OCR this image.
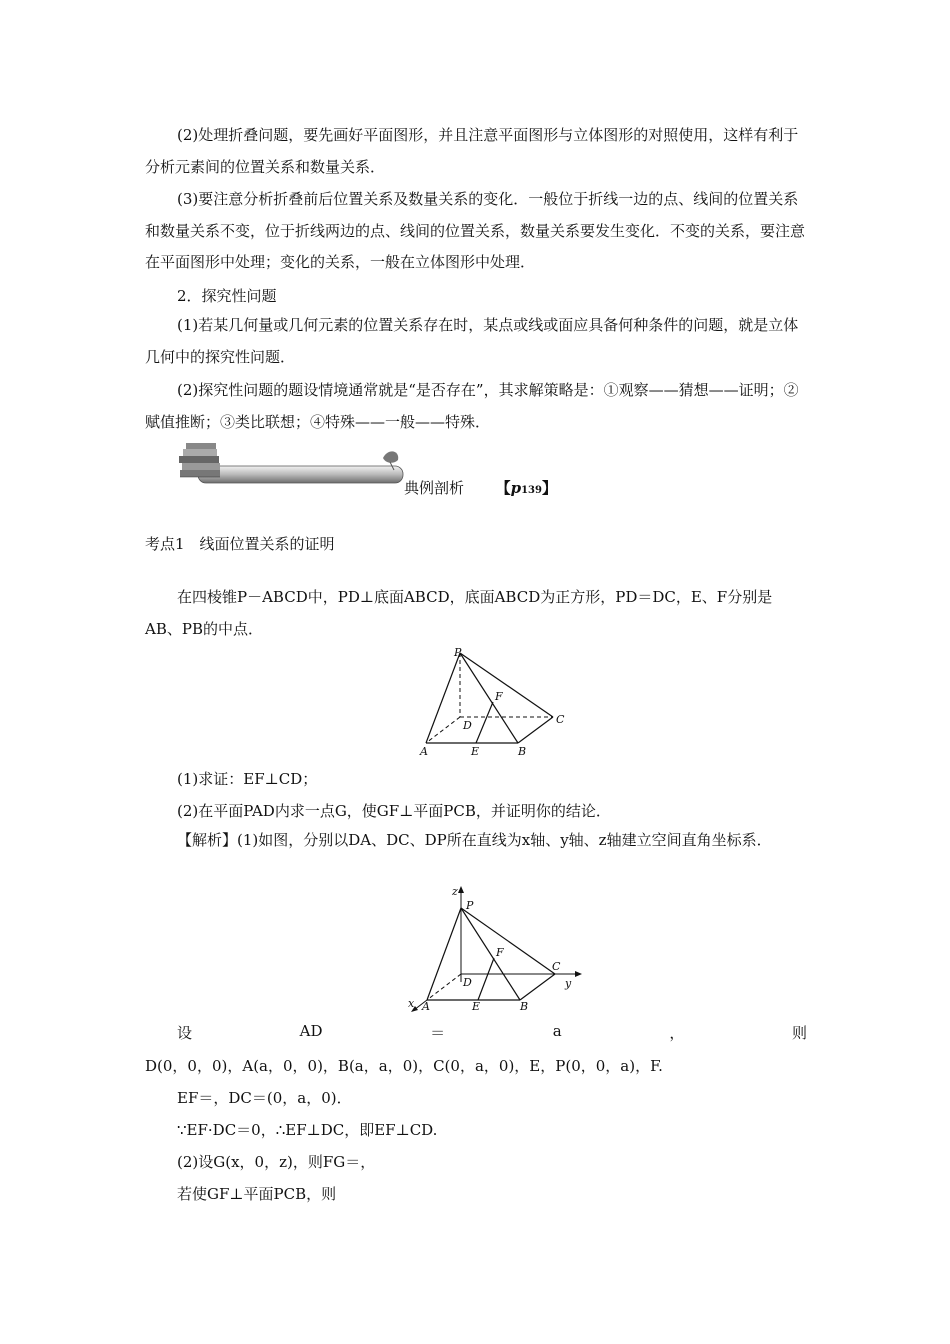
(2)处理折叠问题，要先画好平面图形，并且注意平面图形与立体图形的对照使用，这样有利于分析元素间的位置关系和数量关系．
(3)要注意分析折叠前后位置关系及数量关系的变化．一般位于折线一边的点、线间的位置关系和数量关系不变，位于折线两边的点、线间的位置关系，数量关系要发生变化．不变的关系，要注意在平面图形中处理；变化的关系，一般在立体图形中处理．
2．探究性问题
(1)若某几何量或几何元素的位置关系存在时，某点或线或面应具备何种条件的问题，就是立体几何中的探究性问题．
(2)探究性问题的题设情境通常就是“是否存在”，其求解策略是：①观察——猜想——证明；②赋值推断；③类比联想；④特殊——一般——特殊．
典例剖析 【p139】
考点1　线面位置关系的证明
在四棱锥P－ABCD中，PD⊥底面ABCD，底面ABCD为正方形，PD＝DC，E、F分别是AB、PB的中点．
P
F
C
D
A	E	B
(1)求证：EF⊥CD；
(2)在平面PAD内求一点G，使GF⊥平面PCB，并证明你的结论．
【解析】(1)如图，分别以DA、DC、DP所在直线为x轴、y轴、z轴建立空间直角坐标系．
z
P
F
C
y
D
x A	E	B
设	AD	＝	a	，	则
D(0，0，0)，A(a，0，0)，B(a，a，0)，C(0，a，0)，E，P(0，0，a)，F.
EF＝，DC＝(0，a，0)．
∵EF·DC＝0，∴EF⊥DC，即EF⊥CD.
(2)设G(x，0，z)，则FG＝，
若使GF⊥平面PCB，则
